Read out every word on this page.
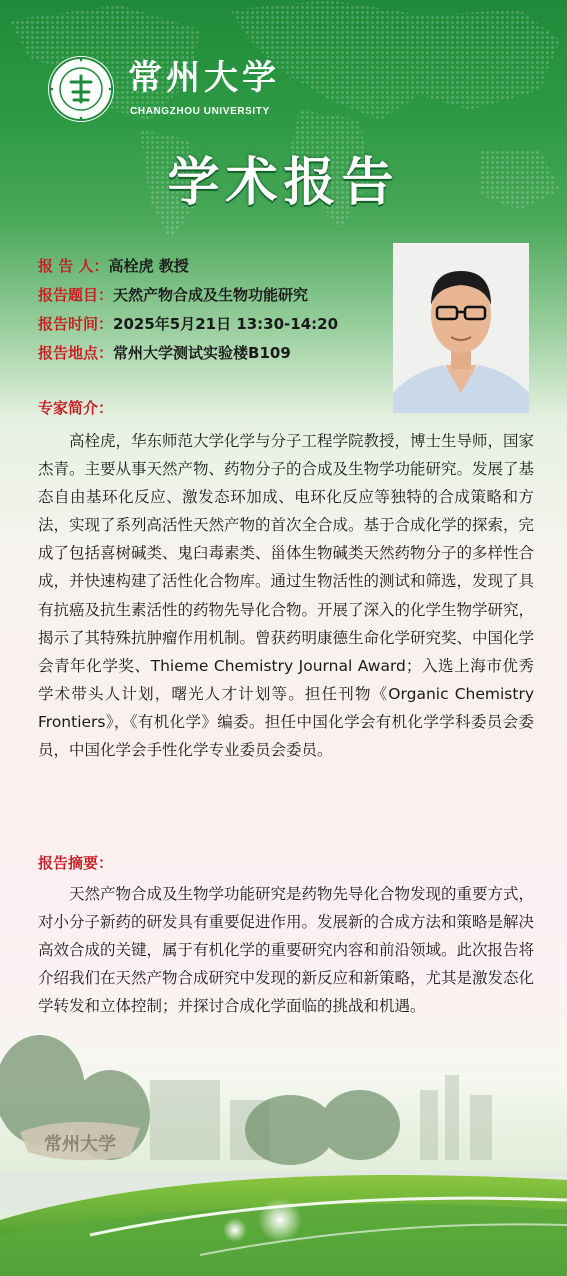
常州大学
CHANGZHOU UNIVERSITY
学术报告
报 告 人：高栓虎 教授
报告题目：天然产物合成及生物功能研究
报告时间：2025年5月21日 13:30-14:20
报告地点：常州大学测试实验楼B109
专家简介：

高栓虎，华东师范大学化学与分子工程学院教授，博士生导师，国家杰青。主要从事天然产物、药物分子的合成及生物学功能研究。发展了基态自由基环化反应、激发态环加成、电环化反应等独特的合成策略和方法，实现了系列高活性天然产物的首次全合成。基于合成化学的探索，完成了包括喜树碱类、鬼臼毒素类、甾体生物碱类天然药物分子的多样性合成，并快速构建了活性化合物库。通过生物活性的测试和筛选，发现了具有抗癌及抗生素活性的药物先导化合物。开展了深入的化学生物学研究，揭示了其特殊抗肿瘤作用机制。曾获药明康德生命化学研究奖、中国化学会青年化学奖、Thieme Chemistry Journal Award；入选上海市优秀学术带头人计划，曙光人才计划等。担任刊物《Organic Chemistry Frontiers》，《有机化学》编委。担任中国化学会有机化学学科委员会委员，中国化学会手性化学专业委员会委员。

报告摘要：

天然产物合成及生物学功能研究是药物先导化合物发现的重要方式，对小分子新药的研发具有重要促进作用。发展新的合成方法和策略是解决高效合成的关键，属于有机化学的重要研究内容和前沿领域。此次报告将介绍我们在天然产物合成研究中发现的新反应和新策略，尤其是激发态化学转发和立体控制；并探讨合成化学面临的挑战和机遇。

常州大学
